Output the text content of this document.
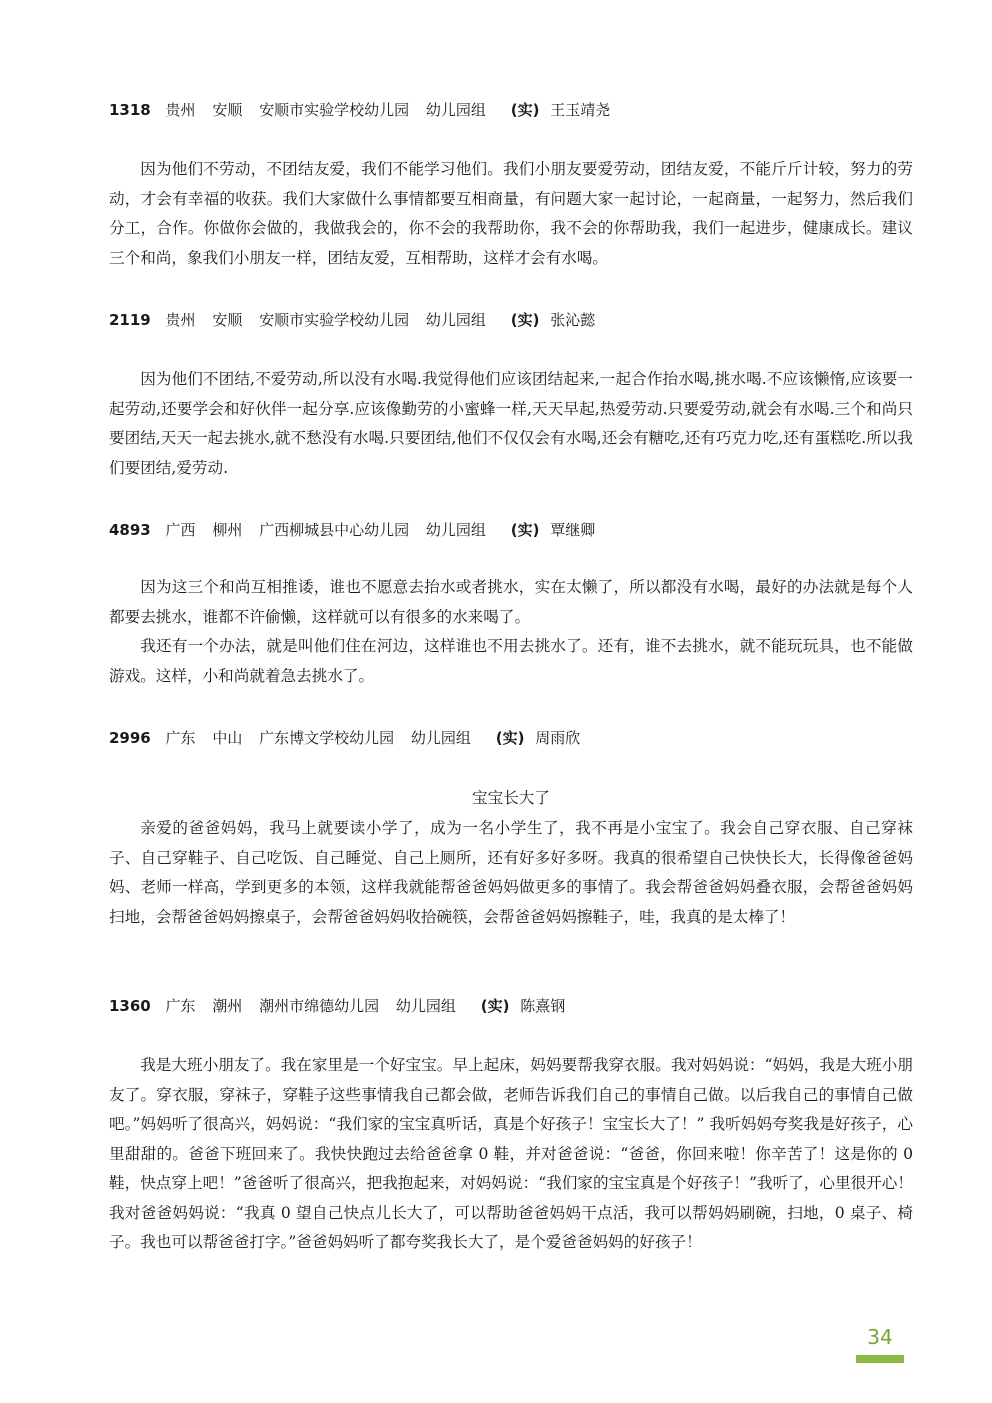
1318 贵州 安顺 安顺市实验学校幼儿园 幼儿园组 (实) 王玉靖尧

因为他们不劳动，不团结友爱，我们不能学习他们。我们小朋友要爱劳动，团结友爱，不能斤斤计较，努力的劳动，才会有幸福的收获。我们大家做什么事情都要互相商量，有问题大家一起讨论，一起商量，一起努力，然后我们分工，合作。你做你会做的，我做我会的，你不会的我帮助你，我不会的你帮助我，我们一起进步，健康成长。建议三个和尚，象我们小朋友一样，团结友爱，互相帮助，这样才会有水喝。

2119 贵州 安顺 安顺市实验学校幼儿园 幼儿园组 (实) 张沁懿

因为他们不团结,不爱劳动,所以没有水喝.我觉得他们应该团结起来,一起合作抬水喝,挑水喝.不应该懒惰,应该要一起劳动,还要学会和好伙伴一起分享.应该像勤劳的小蜜蜂一样,天天早起,热爱劳动.只要爱劳动,就会有水喝.三个和尚只要团结,天天一起去挑水,就不愁没有水喝.只要团结,他们不仅仅会有水喝,还会有糖吃,还有巧克力吃,还有蛋糕吃.所以我们要团结,爱劳动.

4893 广西 柳州 广西柳城县中心幼儿园 幼儿园组 (实) 覃继卿

因为这三个和尚互相推诿，谁也不愿意去抬水或者挑水，实在太懒了，所以都没有水喝，最好的办法就是每个人都要去挑水，谁都不许偷懒，这样就可以有很多的水来喝了。

我还有一个办法，就是叫他们住在河边，这样谁也不用去挑水了。还有，谁不去挑水，就不能玩玩具，也不能做游戏。这样，小和尚就着急去挑水了。

2996 广东 中山 广东博文学校幼儿园 幼儿园组 (实) 周雨欣
宝宝长大了

亲爱的爸爸妈妈，我马上就要读小学了，成为一名小学生了，我不再是小宝宝了。我会自己穿衣服、自己穿袜子、自己穿鞋子、自己吃饭、自己睡觉、自己上厕所，还有好多好多呀。我真的很希望自己快快长大，长得像爸爸妈妈、老师一样高，学到更多的本领，这样我就能帮爸爸妈妈做更多的事情了。我会帮爸爸妈妈叠衣服，会帮爸爸妈妈扫地，会帮爸爸妈妈擦桌子，会帮爸爸妈妈收拾碗筷，会帮爸爸妈妈擦鞋子，哇，我真的是太棒了！

1360 广东 潮州 潮州市绵德幼儿园 幼儿园组 (实) 陈熹钢

我是大班小朋友了。我在家里是一个好宝宝。早上起床，妈妈要帮我穿衣服。我对妈妈说：“妈妈，我是大班小朋友了。穿衣服，穿袜子，穿鞋子这些事情我自己都会做，老师告诉我们自己的事情自己做。以后我自己的事情自己做吧。”妈妈听了很高兴，妈妈说：“我们家的宝宝真听话，真是个好孩子！宝宝长大了！” 我听妈妈夸奖我是好孩子，心里甜甜的。爸爸下班回来了。我快快跑过去给爸爸拿 0 鞋，并对爸爸说：“爸爸，你回来啦！你辛苦了！这是你的 0 鞋，快点穿上吧！”爸爸听了很高兴，把我抱起来，对妈妈说：“我们家的宝宝真是个好孩子！”我听了，心里很开心！我对爸爸妈妈说：“我真 0 望自己快点儿长大了，可以帮助爸爸妈妈干点活，我可以帮妈妈刷碗，扫地，0 桌子、椅子。我也可以帮爸爸打字。”爸爸妈妈听了都夸奖我长大了，是个爱爸爸妈妈的好孩子！

34
